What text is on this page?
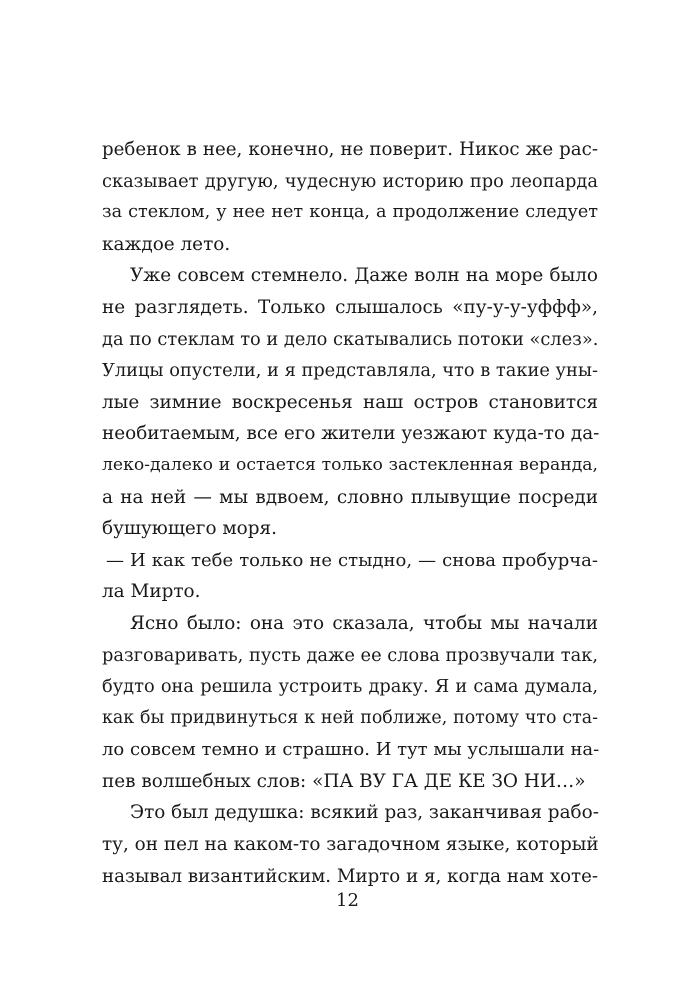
ребенок в нее, конечно, не поверит. Никос же рас-
сказывает другую, чудесную историю про леопарда
за стеклом, у нее нет конца, а продолжение следует
каждое лето.
Уже совсем стемнело. Даже волн на море было
не разглядеть. Только слышалось «пу-у-у-уффф»,
да по стеклам то и дело скатывались потоки «слез».
Улицы опустели, и я представляла, что в такие уны-
лые зимние воскресенья наш остров становится
необитаемым, все его жители уезжают куда-то да-
леко-далеко и остается только застекленная веранда,
а на ней — мы вдвоем, словно плывущие посреди
бушующего моря.
— И как тебе только не стыдно, — снова пробурча-
ла Мирто.
Ясно было: она это сказала, чтобы мы начали
разговаривать, пусть даже ее слова прозвучали так,
будто она решила устроить драку. Я и сама думала,
как бы придвинуться к ней поближе, потому что ста-
ло совсем темно и страшно. И тут мы услышали на-
пев волшебных слов: «ПА ВУ ГА ДЕ КЕ ЗО НИ…»
Это был дедушка: всякий раз, заканчивая рабо-
ту, он пел на каком-то загадочном языке, который
называл византийским. Мирто и я, когда нам хоте-
12
